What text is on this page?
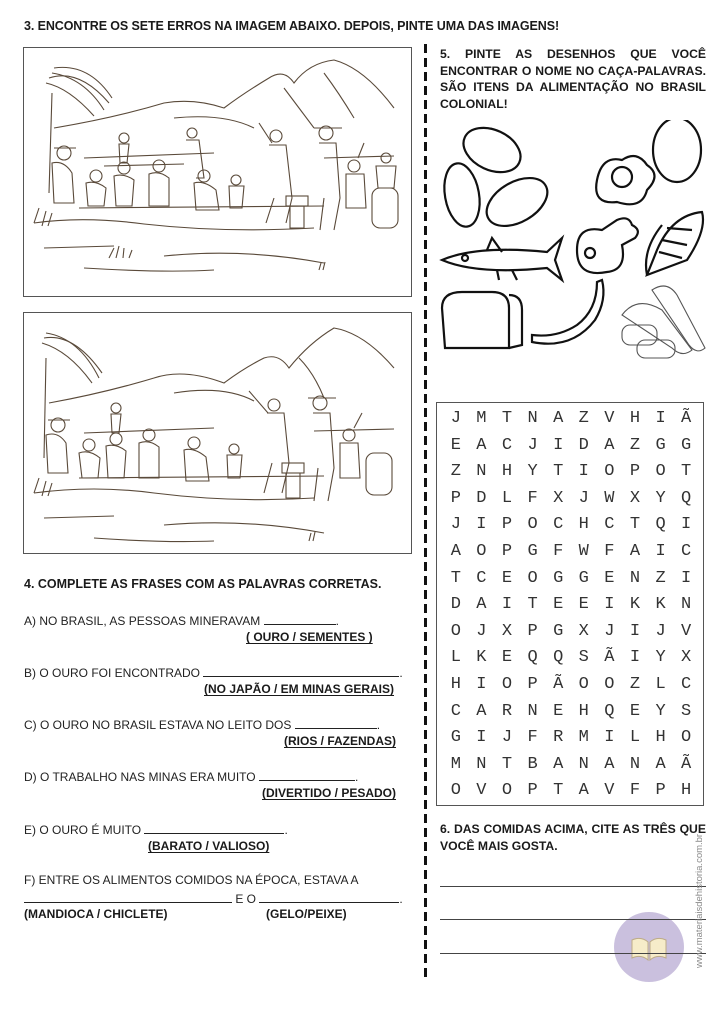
3. ENCONTRE OS SETE ERROS NA IMAGEM ABAIXO. DEPOIS, PINTE UMA DAS IMAGENS!
5. PINTE AS DESENHOS QUE VOCÊ ENCONTRAR O NOME NO CAÇA-PALAVRAS. SÃO ITENS DA ALIMENTAÇÃO NO BRASIL COLONIAL!
J M T N A Z V H I Ã
E A C J I D A Z G G
Z N H Y T I O P O T
P D L F X J W X Y Q
J I P O C H C T Q I
A O P G F W F A I C
T C E O G G E N Z I
D A I T E E I K K N
O J X P G X J I J V
L K E Q Q S Ã I Y X
H I O P Ã O O Z L C
C A R N E H Q E Y S
G I J F R M I L H O
M N T B A N A N A Ã
O V O P T A V F P H
4. COMPLETE AS FRASES COM AS PALAVRAS CORRETAS.
A) NO BRASIL, AS PESSOAS MINERAVAM	.
( OURO / SEMENTES )
B) O OURO FOI ENCONTRADO	.
(NO JAPÃO / EM MINAS GERAIS)
C) O OURO NO BRASIL ESTAVA NO LEITO DOS	.
(RIOS / FAZENDAS)
D) O TRABALHO NAS MINAS ERA MUITO	.
(DIVERTIDO / PESADO)
E) O OURO É MUITO	.
(BARATO / VALIOSO)
F) ENTRE OS ALIMENTOS COMIDOS NA ÉPOCA, ESTAVA A
E O	.
(MANDIOCA / CHICLETE)	(GELO/PEIXE)
6. DAS COMIDAS ACIMA, CITE AS TRÊS QUE VOCÊ MAIS GOSTA.	www.materiaisdehistoria.com.br
